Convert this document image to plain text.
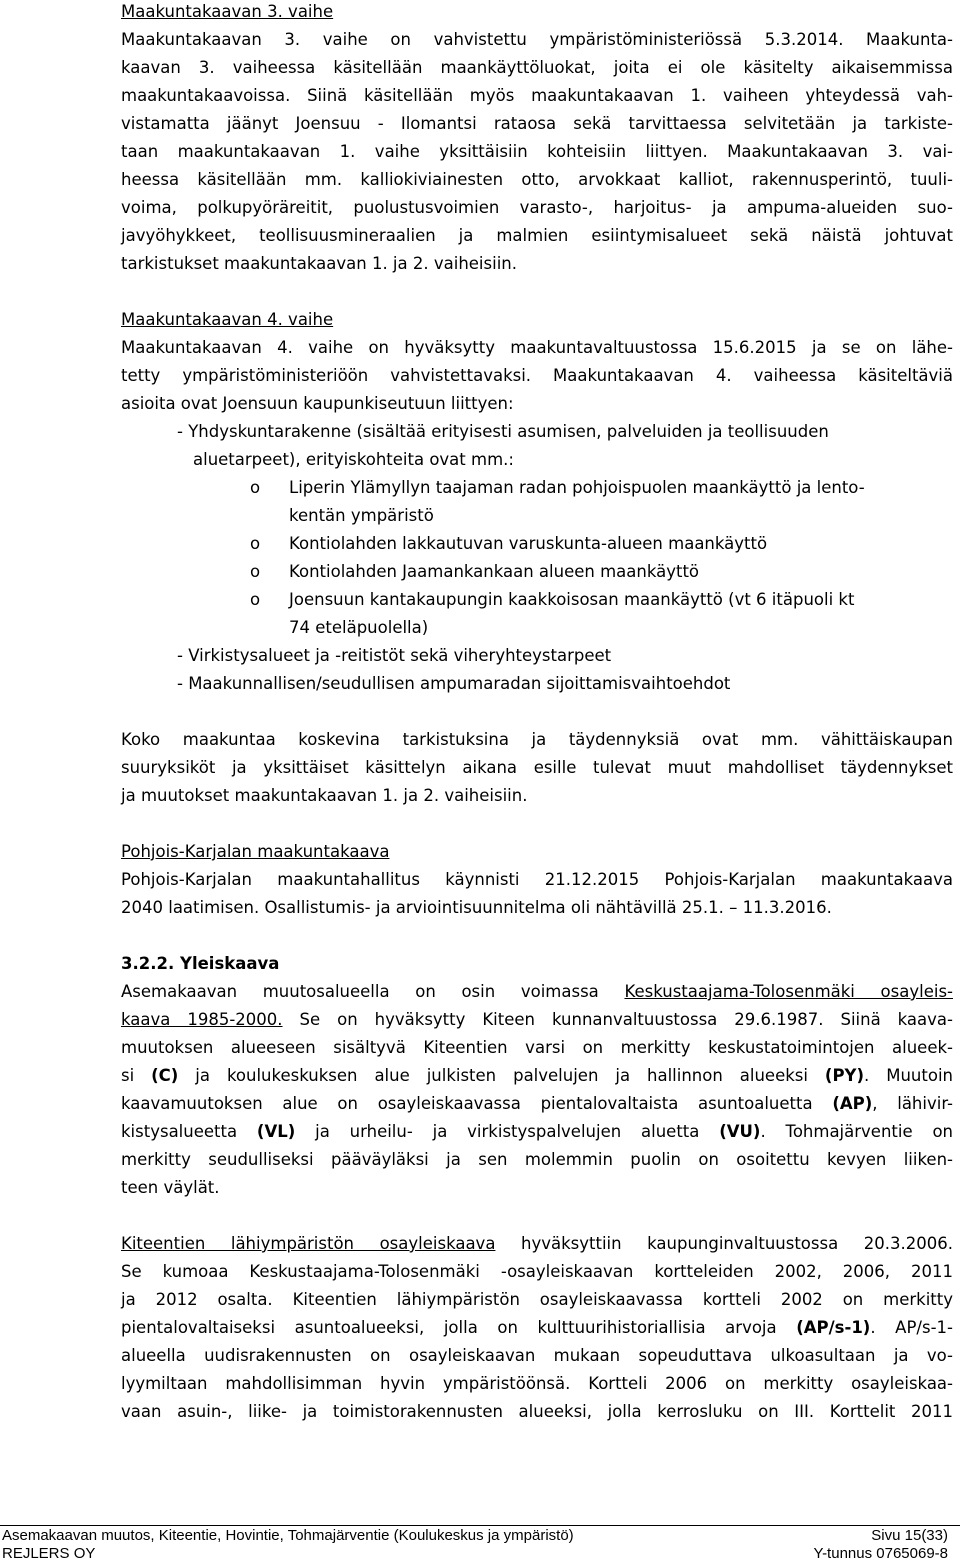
Maakuntakaavan 3. vaihe
Maakuntakaavan 3. vaihe on vahvistettu ympäristöministeriössä 5.3.2014. Maakunta-
kaavan 3. vaiheessa käsitellään maankäyttöluokat, joita ei ole käsitelty aikaisemmissa
maakuntakaavoissa. Siinä käsitellään myös maakuntakaavan 1. vaiheen yhteydessä vah-
vistamatta jäänyt Joensuu - Ilomantsi rataosa sekä tarvittaessa selvitetään ja tarkiste-
taan maakuntakaavan 1. vaihe yksittäisiin kohteisiin liittyen. Maakuntakaavan 3. vai-
heessa käsitellään mm. kalliokiviainesten otto, arvokkaat kalliot, rakennusperintö, tuuli-
voima, polkupyöräreitit, puolustusvoimien varasto-, harjoitus- ja ampuma-alueiden suo-
javyöhykkeet, teollisuusmineraalien ja malmien esiintymisalueet sekä näistä johtuvat
tarkistukset maakuntakaavan 1. ja 2. vaiheisiin.
Maakuntakaavan 4. vaihe
Maakuntakaavan 4. vaihe on hyväksytty maakuntavaltuustossa 15.6.2015 ja se on lähe-
tetty ympäristöministeriöön vahvistettavaksi. Maakuntakaavan 4. vaiheessa käsiteltäviä
asioita ovat Joensuun kaupunkiseutuun liittyen:
- Yhdyskuntarakenne (sisältää erityisesti asumisen, palveluiden ja teollisuuden
aluetarpeet), erityiskohteita ovat mm.:
o	Liperin Ylämyllyn taajaman radan pohjoispuolen maankäyttö ja lento-
kentän ympäristö
o	Kontiolahden lakkautuvan varuskunta-alueen maankäyttö
o	Kontiolahden Jaamankankaan alueen maankäyttö
o	Joensuun kantakaupungin kaakkoisosan maankäyttö (vt 6 itäpuoli kt
74 eteläpuolella)
- Virkistysalueet ja -reitistöt sekä viheryhteystarpeet
- Maakunnallisen/seudullisen ampumaradan sijoittamisvaihtoehdot
Koko maakuntaa koskevina tarkistuksina ja täydennyksiä ovat mm. vähittäiskaupan
suuryksiköt ja yksittäiset käsittelyn aikana esille tulevat muut mahdolliset täydennykset
ja muutokset maakuntakaavan 1. ja 2. vaiheisiin.
Pohjois-Karjalan maakuntakaava
Pohjois-Karjalan maakuntahallitus käynnisti 21.12.2015 Pohjois-Karjalan maakuntakaava
2040 laatimisen. Osallistumis- ja arviointisuunnitelma oli nähtävillä 25.1. – 11.3.2016.
3.2.2. Yleiskaava
Asemakaavan muutosalueella on osin voimassa Keskustaajama-Tolosenmäki osayleis-
kaava 1985-2000. Se on hyväksytty Kiteen kunnanvaltuustossa 29.6.1987. Siinä kaava-
muutoksen alueeseen sisältyvä Kiteentien varsi on merkitty keskustatoimintojen alueek-
si (C) ja koulukeskuksen alue julkisten palvelujen ja hallinnon alueeksi (PY). Muutoin
kaavamuutoksen alue on osayleiskaavassa pientalovaltaista asuntoaluetta (AP), lähivir-
kistysalueetta (VL) ja urheilu- ja virkistyspalvelujen aluetta (VU). Tohmajärventie on
merkitty seudulliseksi pääväyläksi ja sen molemmin puolin on osoitettu kevyen liiken-
teen väylät.
Kiteentien lähiympäristön osayleiskaava hyväksyttiin kaupunginvaltuustossa 20.3.2006.
Se kumoaa Keskustaajama-Tolosenmäki -osayleiskaavan kortteleiden 2002, 2006, 2011
ja 2012 osalta. Kiteentien lähiympäristön osayleiskaavassa kortteli 2002 on merkitty
pientalovaltaiseksi asuntoalueeksi, jolla on kulttuurihistoriallisia arvoja (AP/s-1). AP/s-1-
alueella uudisrakennusten on osayleiskaavan mukaan sopeuduttava ulkoasultaan ja vo-
lyymiltaan mahdollisimman hyvin ympäristöönsä. Kortteli 2006 on merkitty osayleiskaa-
vaan asuin-, liike- ja toimistorakennusten alueeksi, jolla kerrosluku on III. Korttelit 2011
Asemakaavan muutos, Kiteentie, Hovintie, Tohmajärventie (Koulukeskus ja ympäristö)	Sivu 15(33)
REJLERS OY	Y-tunnus 0765069-8
